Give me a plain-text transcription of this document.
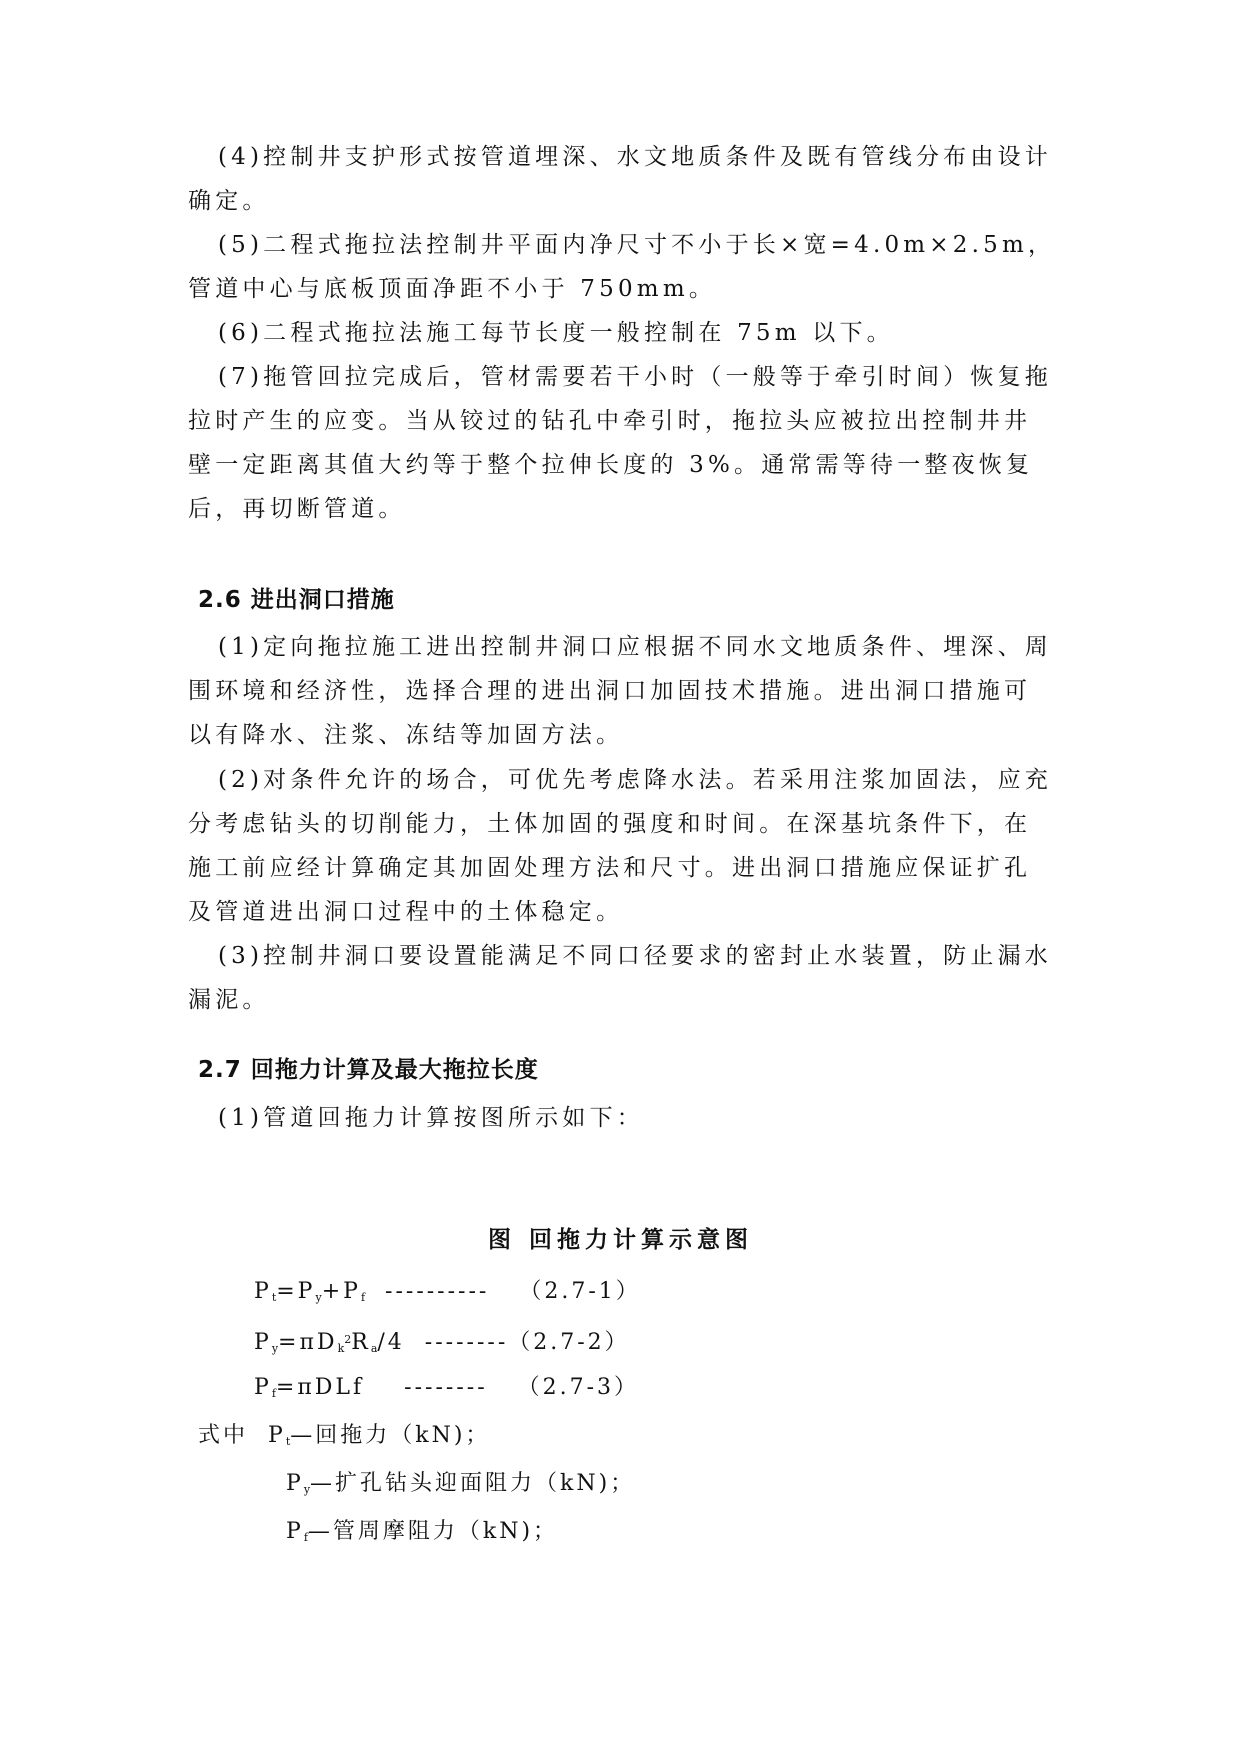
(4)控制井支护形式按管道埋深、水文地质条件及既有管线分布由设计确定。

(5)二程式拖拉法控制井平面内净尺寸不小于长×宽=4.0m×2.5m，管道中心与底板顶面净距不小于 750mm。

(6)二程式拖拉法施工每节长度一般控制在 75m 以下。

(7)拖管回拉完成后，管材需要若干小时（一般等于牵引时间）恢复拖拉时产生的应变。当从铰过的钻孔中牵引时，拖拉头应被拉出控制井井壁一定距离其值大约等于整个拉伸长度的 3%。通常需等待一整夜恢复后，再切断管道。

2.6 进出洞口措施

(1)定向拖拉施工进出控制井洞口应根据不同水文地质条件、埋深、周围环境和经济性，选择合理的进出洞口加固技术措施。进出洞口措施可以有降水、注浆、冻结等加固方法。

(2)对条件允许的场合，可优先考虑降水法。若采用注浆加固法，应充分考虑钻头的切削能力，土体加固的强度和时间。在深基坑条件下，在施工前应经计算确定其加固处理方法和尺寸。进出洞口措施应保证扩孔及管道进出洞口过程中的土体稳定。

(3)控制井洞口要设置能满足不同口径要求的密封止水装置，防止漏水漏泥。

2.7 回拖力计算及最大拖拉长度

(1)管道回拖力计算按图所示如下：

图 回拖力计算示意图

$P_t=P_y+P_f$  ----------   （2.7-1）
$P_y=\pi D_k^2R_a/4$  --------（2.7-2）
$P_f=\pi DLf$    --------   （2.7-3）
式中 $P_t—$回拖力（kN)；
$P_y—$扩孔钻头迎面阻力（kN)；
$P_f—$管周摩阻力（kN)；
